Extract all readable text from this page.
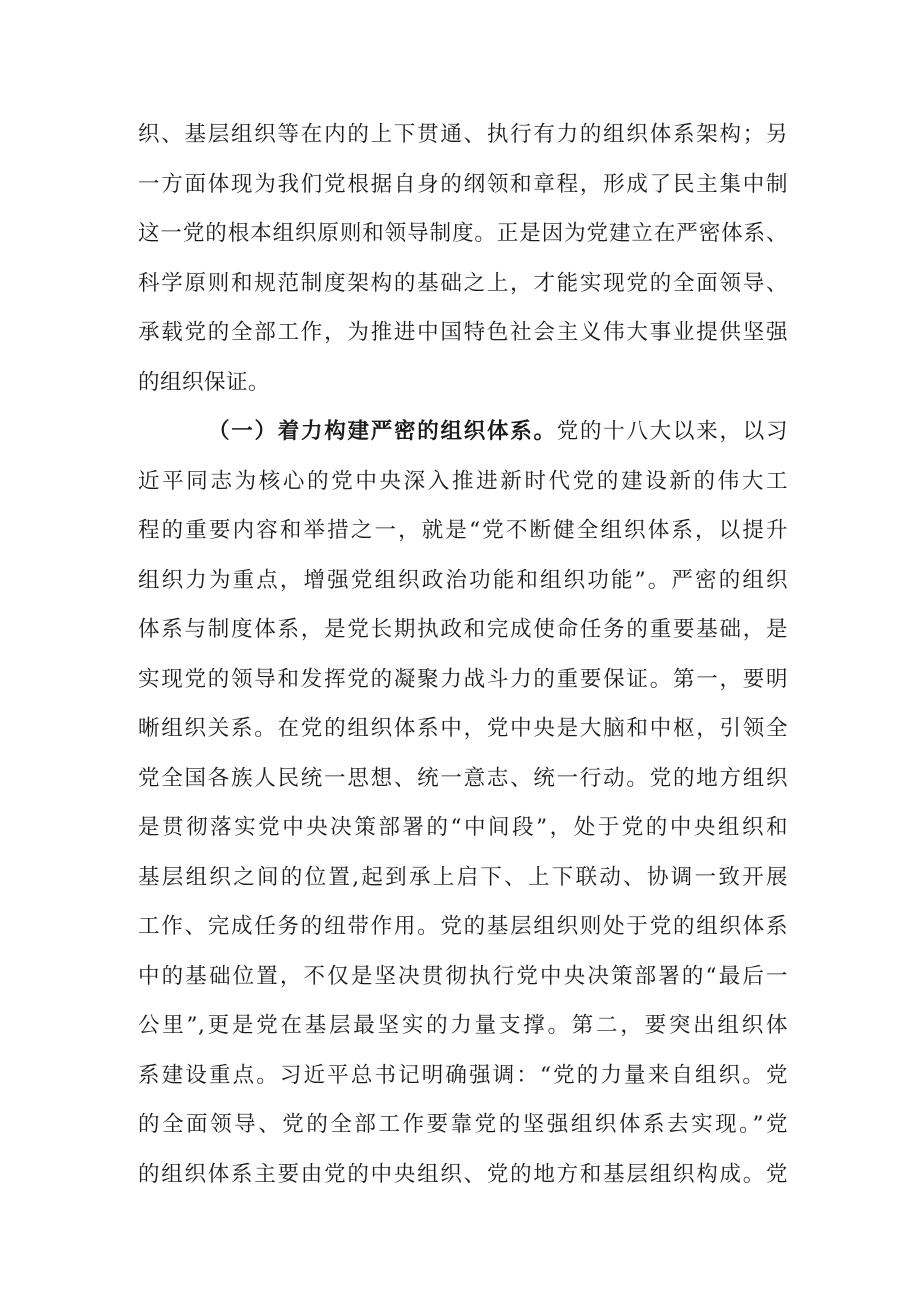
织、基层组织等在内的上下贯通、执行有力的组织体系架构；另
一方面体现为我们党根据自身的纲领和章程，形成了民主集中制
这一党的根本组织原则和领导制度。正是因为党建立在严密体系、
科学原则和规范制度架构的基础之上，才能实现党的全面领导、
承载党的全部工作，为推进中国特色社会主义伟大事业提供坚强
的组织保证。
（一）着力构建严密的组织体系。党的十八大以来，以习
近平同志为核心的党中央深入推进新时代党的建设新的伟大工
程的重要内容和举措之一，就是“党不断健全组织体系，以提升
组织力为重点，增强党组织政治功能和组织功能”。严密的组织
体系与制度体系，是党长期执政和完成使命任务的重要基础，是
实现党的领导和发挥党的凝聚力战斗力的重要保证。第一，要明
晰组织关系。在党的组织体系中，党中央是大脑和中枢，引领全
党全国各族人民统一思想、统一意志、统一行动。党的地方组织
是贯彻落实党中央决策部署的“中间段”，处于党的中央组织和
基层组织之间的位置,起到承上启下、上下联动、协调一致开展
工作、完成任务的纽带作用。党的基层组织则处于党的组织体系
中的基础位置，不仅是坚决贯彻执行党中央决策部署的“最后一
公里”,更是党在基层最坚实的力量支撑。第二，要突出组织体
系建设重点。习近平总书记明确强调：“党的力量来自组织。党
的全面领导、党的全部工作要靠党的坚强组织体系去实现。”党
的组织体系主要由党的中央组织、党的地方和基层组织构成。党
